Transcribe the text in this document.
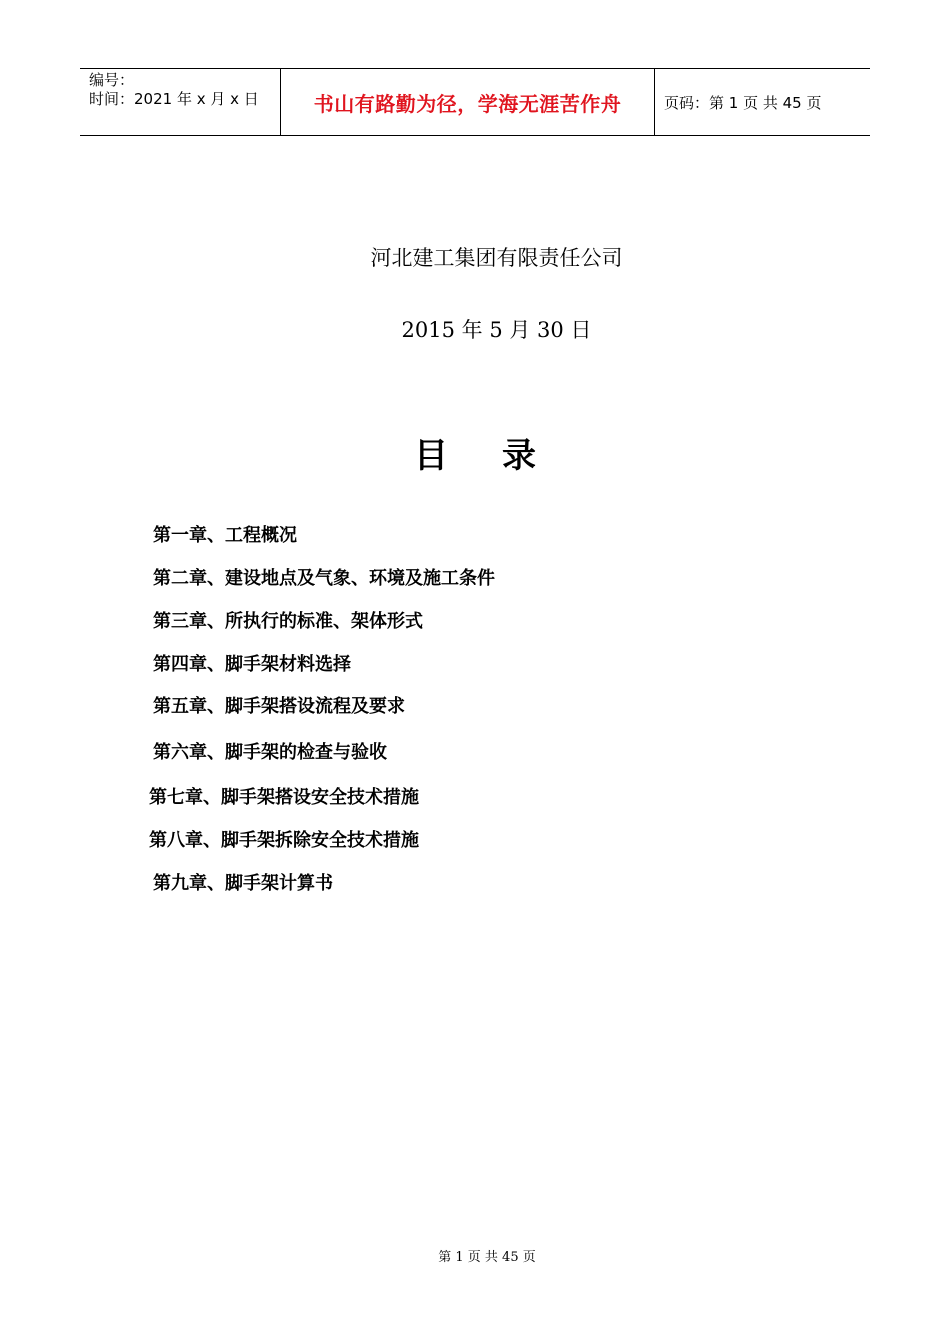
编号：
时间：2021 年 x 月 x 日	书山有路勤为径，学海无涯苦作舟	页码：第 1 页 共 45 页
河北建工集团有限责任公司
2015 年 5 月 30 日
目 录
第一章、工程概况
第二章、建设地点及气象、环境及施工条件
第三章、所执行的标准、架体形式
第四章、脚手架材料选择
第五章、脚手架搭设流程及要求
第六章、脚手架的检查与验收
第七章、脚手架搭设安全技术措施
第八章、脚手架拆除安全技术措施
第九章、脚手架计算书
第 1 页 共 45 页
